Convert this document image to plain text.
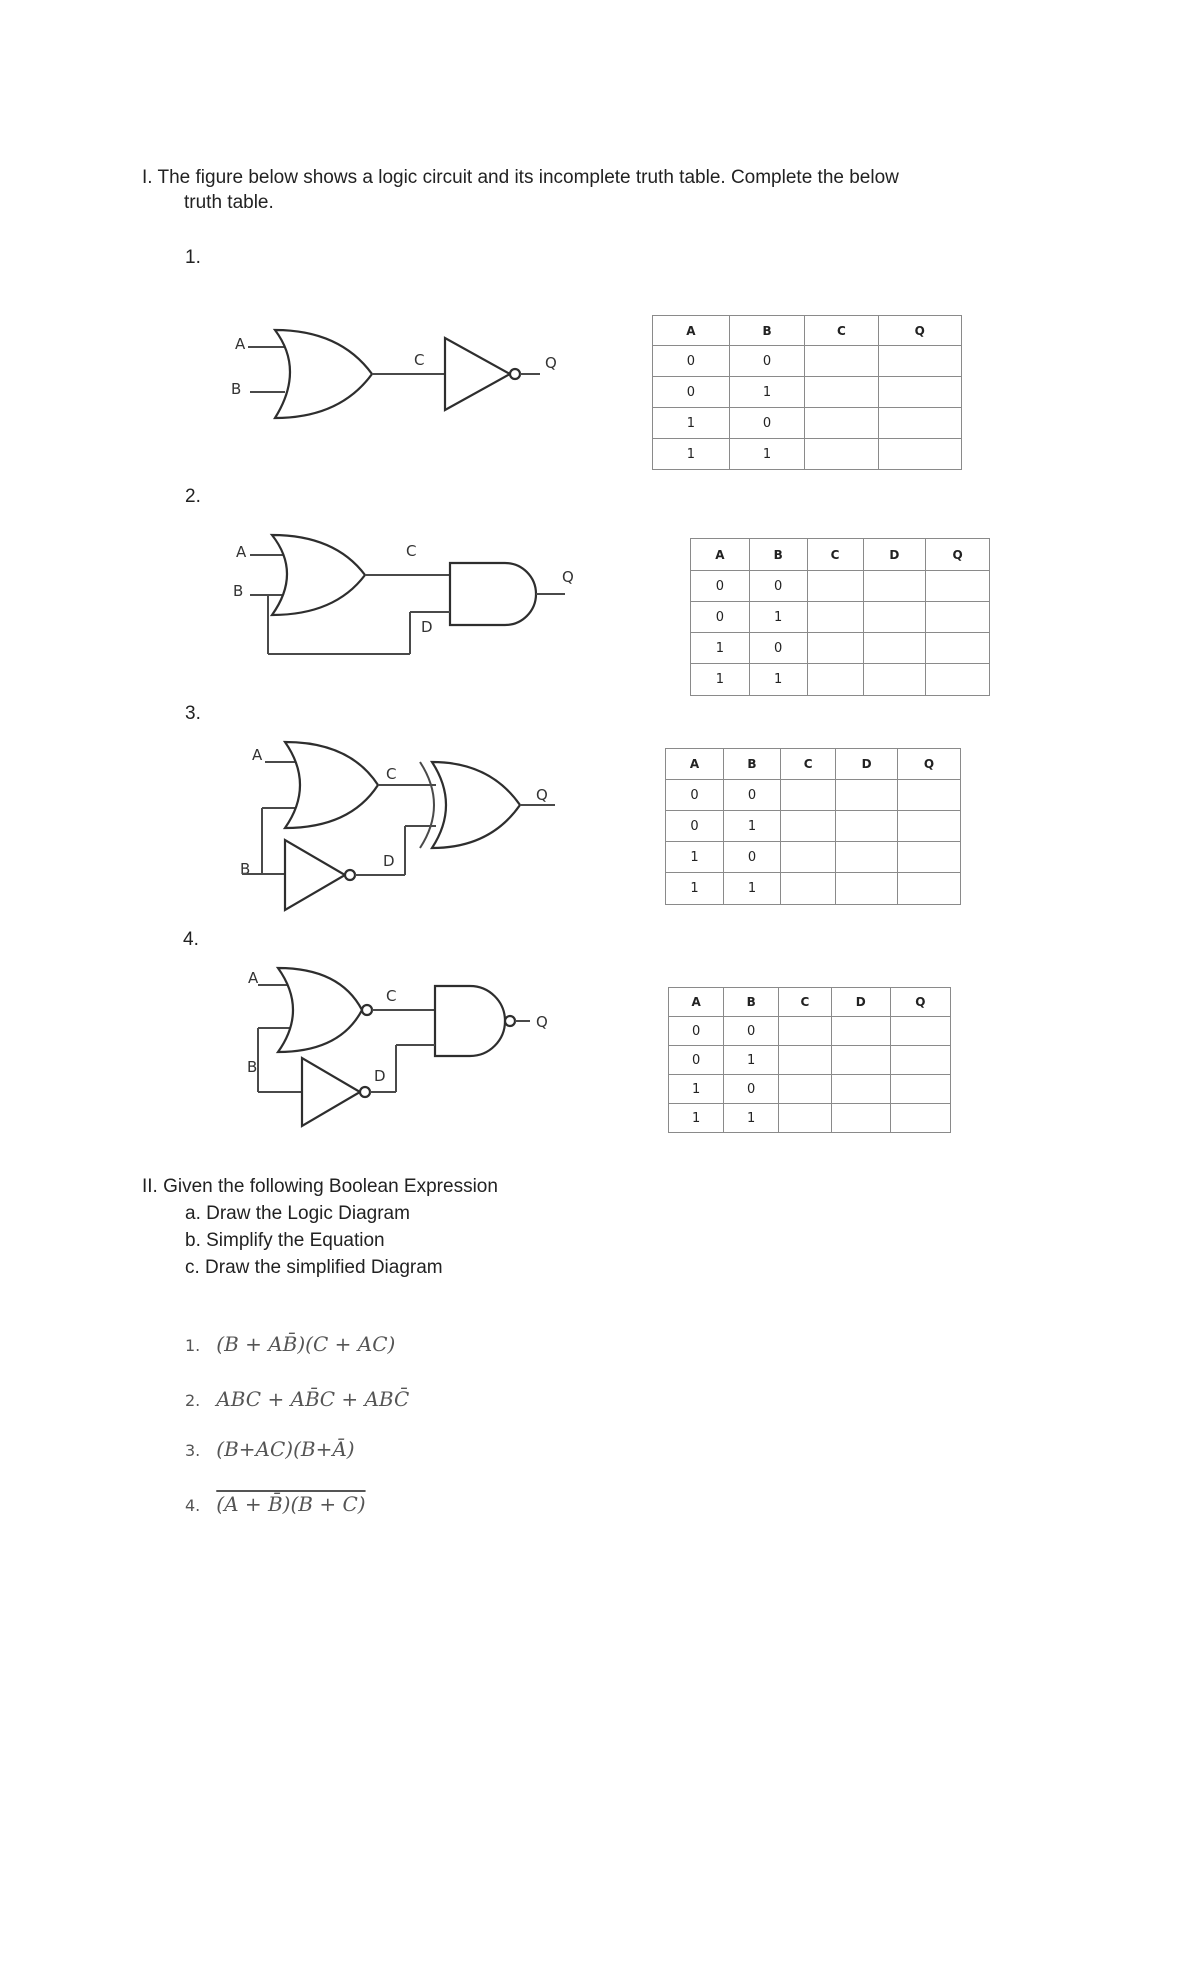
I. The figure below shows a logic circuit and its incomplete truth table. Complete the below
truth table.
1.
2.
3.
4.
A
B
C	Q
A
B
C
D
Q
A
C
B	D
Q
A
C
Q
B	D
A	B	C	Q
0	0		
0	1		
1	0		
1	1		
A	B	C	D	Q
0	0			
0	1			
1	0			
1	1			
A	B	C	D	Q
0	0			
0	1			
1	0			
1	1			
A	B	C	D	Q
0	0			
0	1			
1	0			
1	1			
II. Given the following Boolean Expression
a. Draw the Logic Diagram
b. Simplify the Equation
c. Draw the simplified Diagram
1. (B + AB̄)(C + AC)
2. ABC + AB̄C + ABC̄
3. (B+AC)(B+Ā)
4. (A + B̄)(B + C)
